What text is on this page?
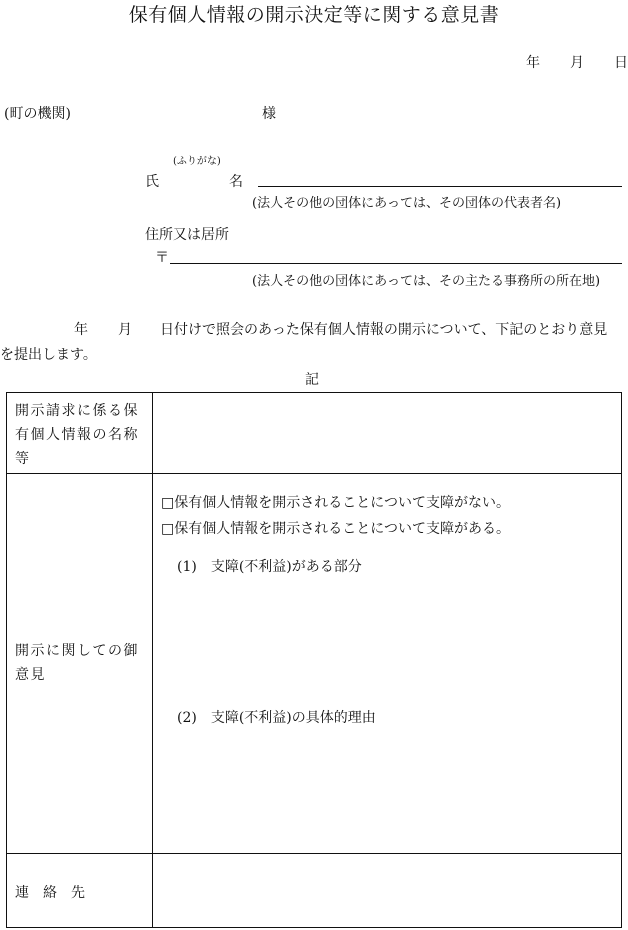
保有個人情報の開示決定等に関する意見書
年 月 日
(町の機関)	様
(ふりがな)
氏	名
(法人その他の団体にあっては、その団体の代表者名)
住所又は居所
〒
(法人その他の団体にあっては、その主たる事務所の所在地)
年 月 日付けで照会のあった保有個人情報の開示について、下記のとおり意見
を提出します。
記
開示請求に係る保
有個人情報の名称
等
開示に関しての御
意見
□保有個人情報を開示されることについて支障がない。
□保有個人情報を開示されることについて支障がある。
(1)　支障(不利益)がある部分
(2)　支障(不利益)の具体的理由
連　絡　先
